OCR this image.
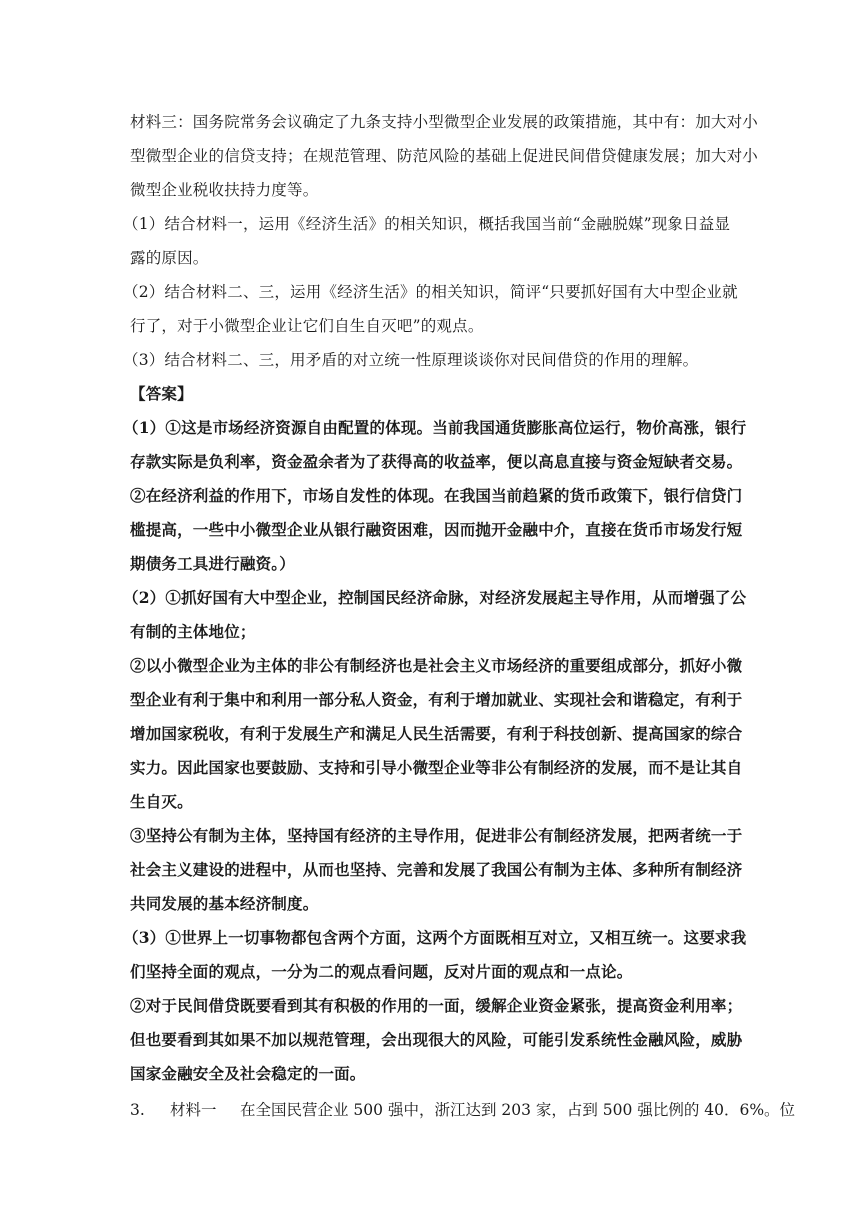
材料三：国务院常务会议确定了九条支持小型微型企业发展的政策措施，其中有：加大对小
型微型企业的信贷支持；在规范管理、防范风险的基础上促进民间借贷健康发展；加大对小
微型企业税收扶持力度等。
（1）结合材料一，运用《经济生活》的相关知识，概括我国当前“金融脱媒”现象日益显
露的原因。
（2）结合材料二、三，运用《经济生活》的相关知识，简评“只要抓好国有大中型企业就
行了，对于小微型企业让它们自生自灭吧”的观点。
（3）结合材料二、三，用矛盾的对立统一性原理谈谈你对民间借贷的作用的理解。
【答案】
（1）①这是市场经济资源自由配置的体现。当前我国通货膨胀高位运行，物价高涨，银行
存款实际是负利率，资金盈余者为了获得高的收益率，便以高息直接与资金短缺者交易。
②在经济利益的作用下，市场自发性的体现。在我国当前趋紧的货币政策下，银行信贷门
槛提高，一些中小微型企业从银行融资困难，因而抛开金融中介，直接在货币市场发行短
期债务工具进行融资。）
（2）①抓好国有大中型企业，控制国民经济命脉，对经济发展起主导作用，从而增强了公
有制的主体地位；
②以小微型企业为主体的非公有制经济也是社会主义市场经济的重要组成部分，抓好小微
型企业有利于集中和利用一部分私人资金，有利于增加就业、实现社会和谐稳定，有利于
增加国家税收，有利于发展生产和满足人民生活需要，有利于科技创新、提高国家的综合
实力。因此国家也要鼓励、支持和引导小微型企业等非公有制经济的发展，而不是让其自
生自灭。
③坚持公有制为主体，坚持国有经济的主导作用，促进非公有制经济发展，把两者统一于
社会主义建设的进程中，从而也坚持、完善和发展了我国公有制为主体、多种所有制经济
共同发展的基本经济制度。
（3）①世界上一切事物都包含两个方面，这两个方面既相互对立，又相互统一。这要求我
们坚持全面的观点，一分为二的观点看问题，反对片面的观点和一点论。
②对于民间借贷既要看到其有积极的作用的一面，缓解企业资金紧张，提高资金利用率；
但也要看到其如果不加以规范管理，会出现很大的风险，可能引发系统性金融风险，威胁
国家金融安全及社会稳定的一面。
3. 材料一 在全国民营企业 500 强中，浙江达到 203 家，占到 500 强比例的 40．6%。位
